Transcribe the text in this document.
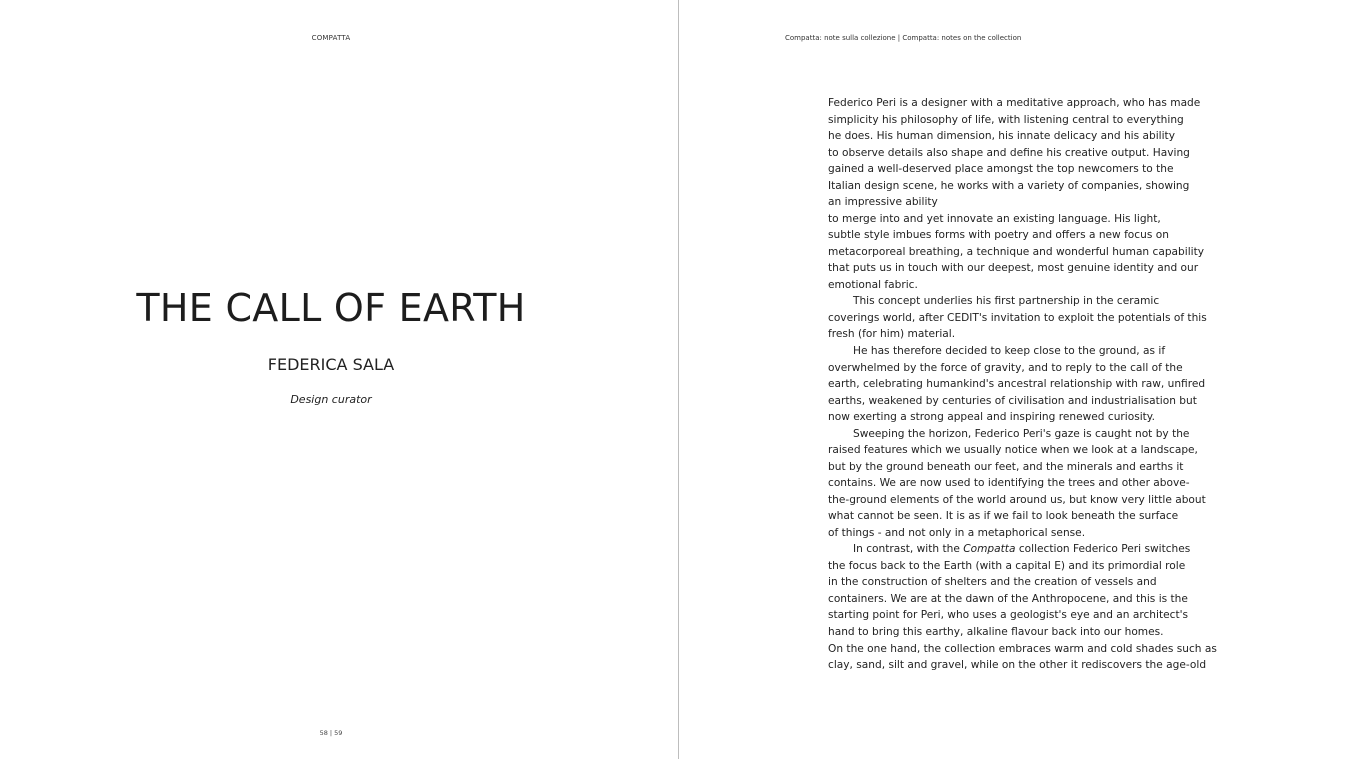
COMPATTA
THE CALL OF EARTH
FEDERICA SALA
Design curator
58 | 59
Compatta: note sulla collezione | Compatta: notes on the collection
Federico Peri is a designer with a meditative approach, who has made
simplicity his philosophy of life, with listening central to everything
he does. His human dimension, his innate delicacy and his ability
to observe details also shape and define his creative output. Having
gained a well-deserved place amongst the top newcomers to the
Italian design scene, he works with a variety of companies, showing
an impressive ability
to merge into and yet innovate an existing language. His light,
subtle style imbues forms with poetry and offers a new focus on
metacorporeal breathing, a technique and wonderful human capability
that puts us in touch with our deepest, most genuine identity and our
emotional fabric.
This concept underlies his first partnership in the ceramic
coverings world, after CEDIT's invitation to exploit the potentials of this
fresh (for him) material.
He has therefore decided to keep close to the ground, as if
overwhelmed by the force of gravity, and to reply to the call of the
earth, celebrating humankind's ancestral relationship with raw, unfired
earths, weakened by centuries of civilisation and industrialisation but
now exerting a strong appeal and inspiring renewed curiosity.
Sweeping the horizon, Federico Peri's gaze is caught not by the
raised features which we usually notice when we look at a landscape,
but by the ground beneath our feet, and the minerals and earths it
contains. We are now used to identifying the trees and other above-
the-ground elements of the world around us, but know very little about
what cannot be seen. It is as if we fail to look beneath the surface
of things - and not only in a metaphorical sense.
In contrast, with the Compatta collection Federico Peri switches
the focus back to the Earth (with a capital E) and its primordial role
in the construction of shelters and the creation of vessels and
containers. We are at the dawn of the Anthropocene, and this is the
starting point for Peri, who uses a geologist's eye and an architect's
hand to bring this earthy, alkaline flavour back into our homes.
On the one hand, the collection embraces warm and cold shades such as
clay, sand, silt and gravel, while on the other it rediscovers the age-old
